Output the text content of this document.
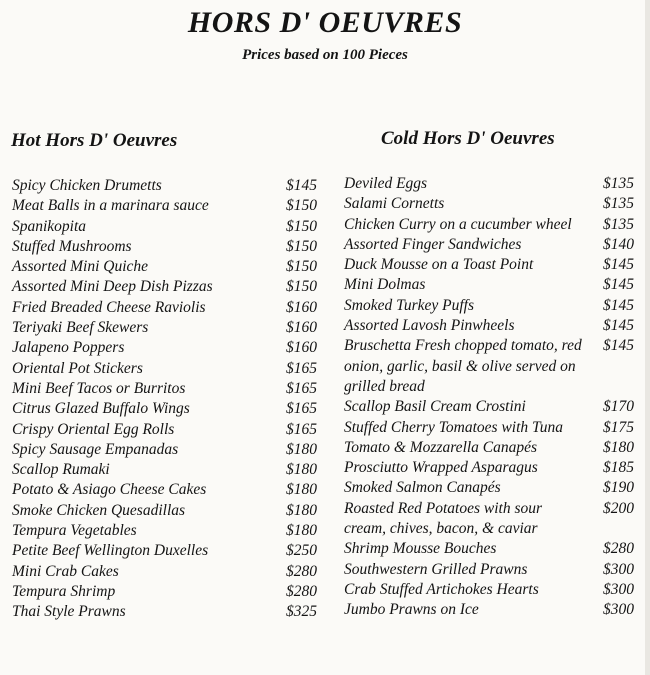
HORS D' OEUVRES
Prices based on 100 Pieces
Hot Hors D' Oeuvres	Cold Hors D' Oeuvres
Spicy Chicken Drumetts	$145
Meat Balls in a marinara sauce	$150
Spanikopita	$150
Stuffed Mushrooms	$150
Assorted Mini Quiche	$150
Assorted Mini Deep Dish Pizzas	$150
Fried Breaded Cheese Raviolis	$160
Teriyaki Beef Skewers	$160
Jalapeno Poppers	$160
Oriental Pot Stickers	$165
Mini Beef Tacos or Burritos	$165
Citrus Glazed Buffalo Wings	$165
Crispy Oriental Egg Rolls	$165
Spicy Sausage Empanadas	$180
Scallop Rumaki	$180
Potato & Asiago Cheese Cakes	$180
Smoke Chicken Quesadillas	$180
Tempura Vegetables	$180
Petite Beef Wellington Duxelles	$250
Mini Crab Cakes	$280
Tempura Shrimp	$280
Thai Style Prawns	$325
Deviled Eggs	$135
Salami Cornetts	$135
Chicken Curry on a cucumber wheel	$135
Assorted Finger Sandwiches	$140
Duck Mousse on a Toast Point	$145
Mini Dolmas	$145
Smoked Turkey Puffs	$145
Assorted Lavosh Pinwheels	$145
Bruschetta Fresh chopped tomato, red onion, garlic, basil & olive served on grilled bread
$145
Scallop Basil Cream Crostini	$170
Stuffed Cherry Tomatoes with Tuna	$175
Tomato & Mozzarella Canapés	$180
Prosciutto Wrapped Asparagus	$185
Smoked Salmon Canapés	$190
Roasted Red Potatoes with sour cream, chives, bacon, & caviar
$200
Shrimp Mousse Bouches	$280
Southwestern Grilled Prawns	$300
Crab Stuffed Artichokes Hearts	$300
Jumbo Prawns on Ice	$300
